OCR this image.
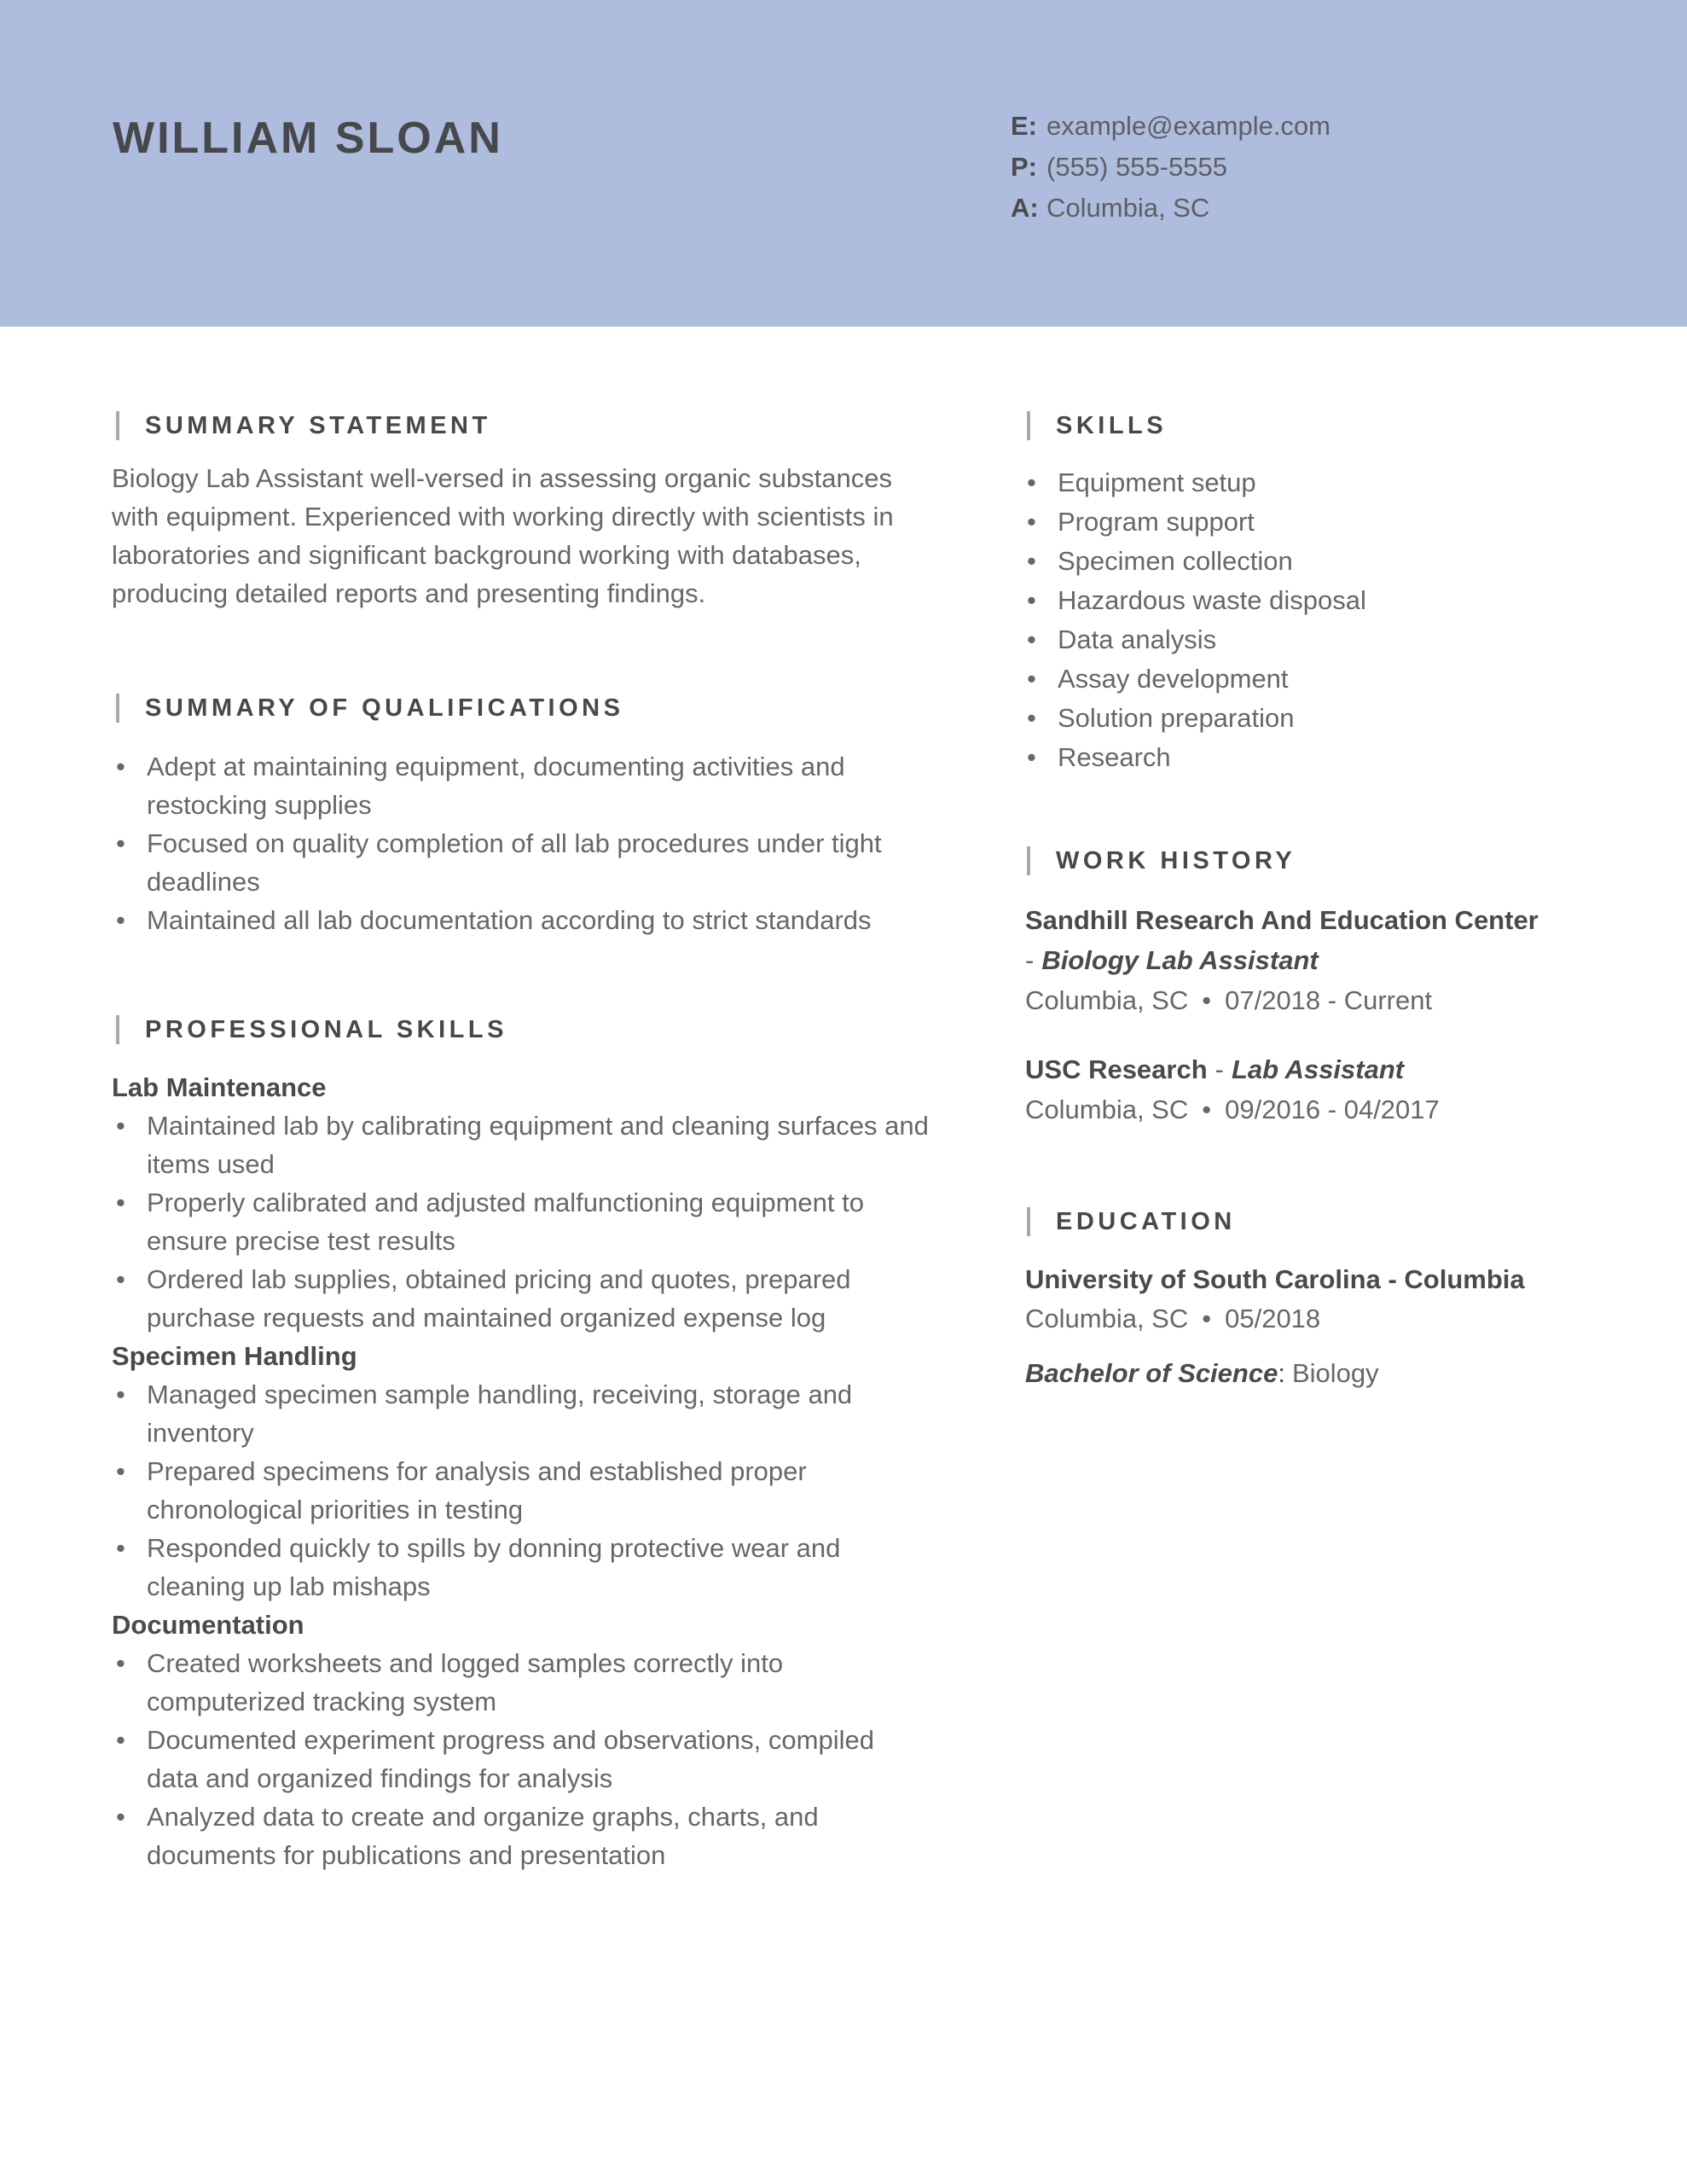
WILLIAM SLOAN	E: example@example.com
P: (555) 555-5555
A: Columbia, SC
SUMMARY STATEMENT

Biology Lab Assistant well-versed in assessing organic substances with equipment. Experienced with working directly with scientists in laboratories and significant background working with databases, producing detailed reports and presenting findings.

SUMMARY OF QUALIFICATIONS
• Adept at maintaining equipment, documenting activities and restocking supplies
• Focused on quality completion of all lab procedures under tight deadlines
• Maintained all lab documentation according to strict standards
PROFESSIONAL SKILLS
Lab Maintenance
• Maintained lab by calibrating equipment and cleaning surfaces and items used
• Properly calibrated and adjusted malfunctioning equipment to ensure precise test results
• Ordered lab supplies, obtained pricing and quotes, prepared purchase requests and maintained organized expense log
Specimen Handling
• Managed specimen sample handling, receiving, storage and inventory
• Prepared specimens for analysis and established proper chronological priorities in testing
• Responded quickly to spills by donning protective wear and cleaning up lab mishaps
Documentation
• Created worksheets and logged samples correctly into computerized tracking system
• Documented experiment progress and observations, compiled data and organized findings for analysis
• Analyzed data to create and organize graphs, charts, and documents for publications and presentation
SKILLS
• Equipment setup
• Program support
• Specimen collection
• Hazardous waste disposal
• Data analysis
• Assay development
• Solution preparation
• Research
WORK HISTORY
Sandhill Research And Education Center
- Biology Lab Assistant
Columbia, SC • 07/2018 - Current
USC Research - Lab Assistant
Columbia, SC • 09/2016 - 04/2017
EDUCATION
University of South Carolina - Columbia
Columbia, SC • 05/2018
Bachelor of Science: Biology
